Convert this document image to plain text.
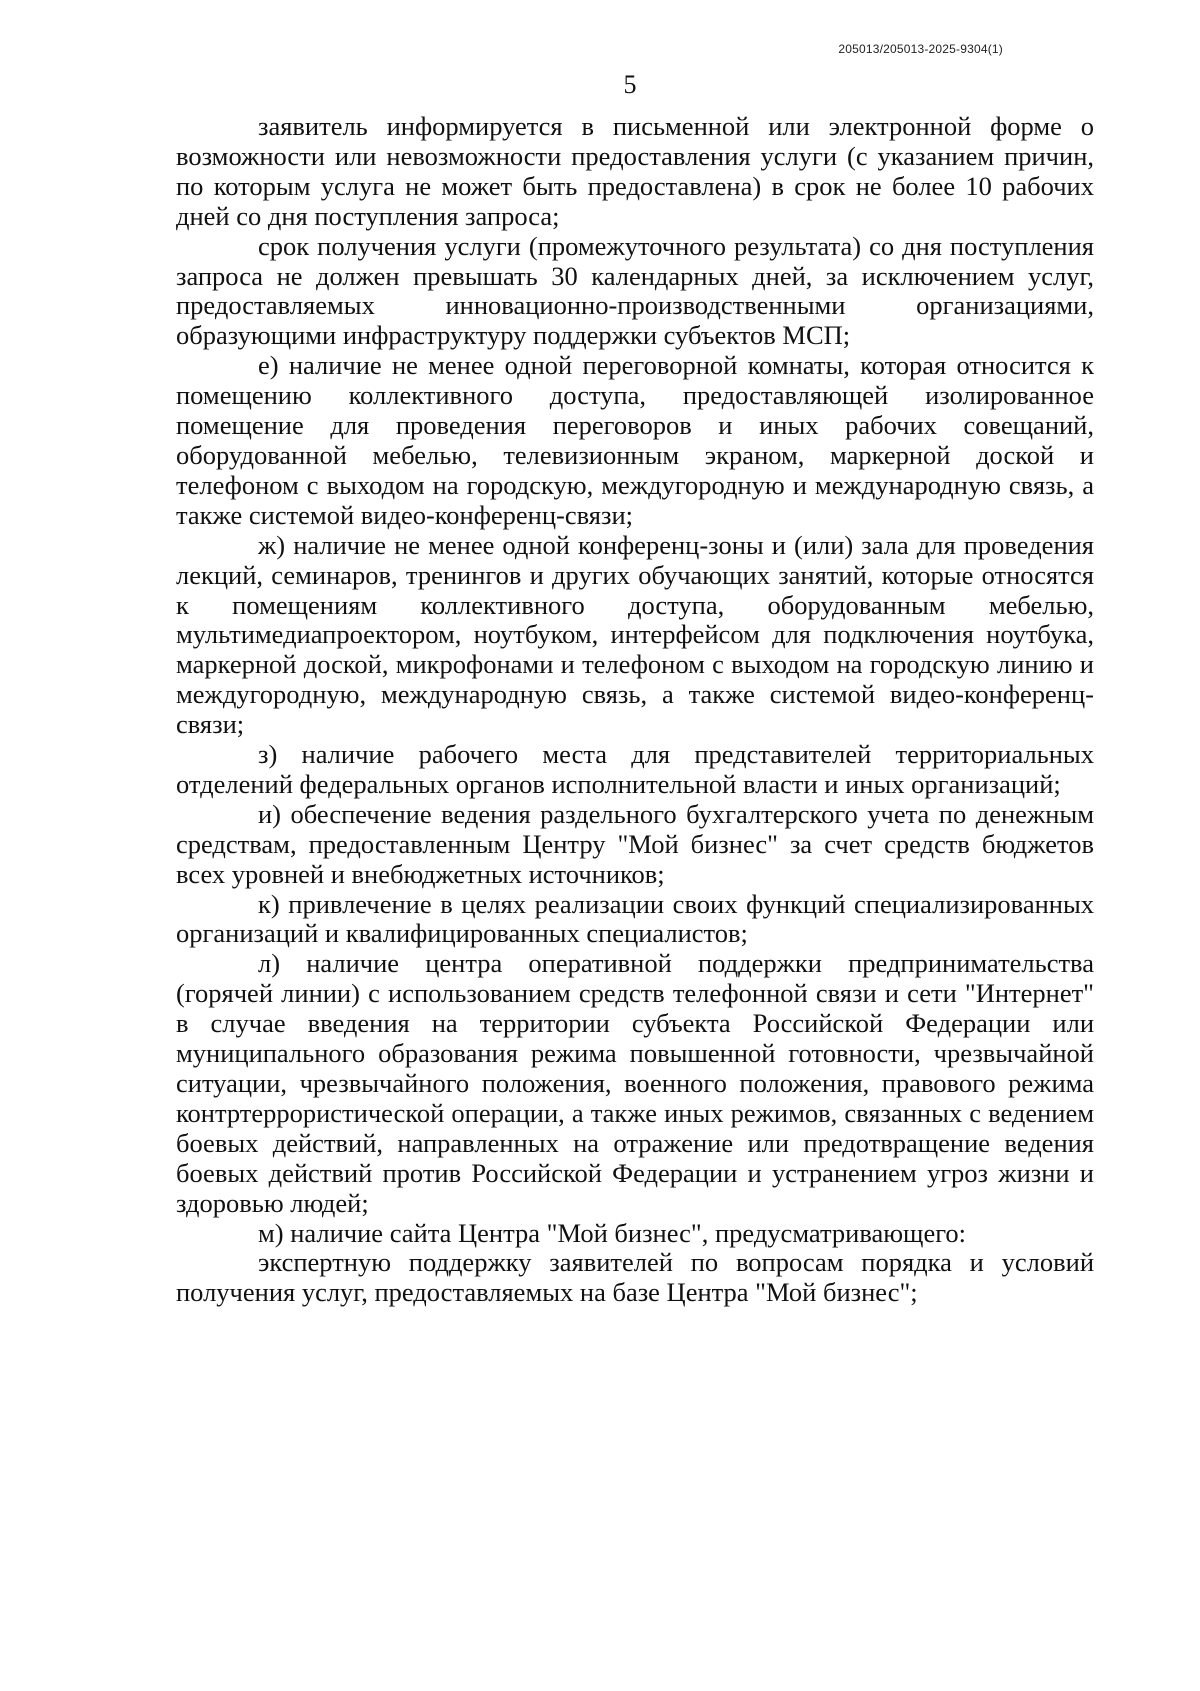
205013/205013-2025-9304(1)
5

заявитель информируется в письменной или электронной форме о возможности или невозможности предоставления услуги (с указанием причин, по которым услуга не может быть предоставлена) в срок не более 10 рабочих дней со дня поступления запроса;

срок получения услуги (промежуточного результата) со дня поступления запроса не должен превышать 30 календарных дней, за исключением услуг, предоставляемых инновационно-производственными организациями, образующими инфраструктуру поддержки субъектов МСП;

е) наличие не менее одной переговорной комнаты, которая относится к помещению коллективного доступа, предоставляющей изолированное помещение для проведения переговоров и иных рабочих совещаний, оборудованной мебелью, телевизионным экраном, маркерной доской и телефоном с выходом на городскую, междугородную и международную связь, а также системой видео-конференц-связи;

ж) наличие не менее одной конференц-зоны и (или) зала для проведения лекций, семинаров, тренингов и других обучающих занятий, которые относятся к помещениям коллективного доступа, оборудованным мебелью, мультимедиапроектором, ноутбуком, интерфейсом для подключения ноутбука, маркерной доской, микрофонами и телефоном с выходом на городскую линию и междугородную, международную связь, а также системой видео-конференц-связи;

з) наличие рабочего места для представителей территориальных отделений федеральных органов исполнительной власти и иных организаций;

и) обеспечение ведения раздельного бухгалтерского учета по денежным средствам, предоставленным Центру "Мой бизнес" за счет средств бюджетов всех уровней и внебюджетных источников;

к) привлечение в целях реализации своих функций специализированных организаций и квалифицированных специалистов;

л) наличие центра оперативной поддержки предпринимательства (горячей линии) с использованием средств телефонной связи и сети "Интернет" в случае введения на территории субъекта Российской Федерации или муниципального образования режима повышенной готовности, чрезвычайной ситуации, чрезвычайного положения, военного положения, правового режима контртеррористической операции, а также иных режимов, связанных с ведением боевых действий, направленных на отражение или предотвращение ведения боевых действий против Российской Федерации и устранением угроз жизни и здоровью людей;

м) наличие сайта Центра "Мой бизнес", предусматривающего:

экспертную поддержку заявителей по вопросам порядка и условий получения услуг, предоставляемых на базе Центра "Мой бизнес";
